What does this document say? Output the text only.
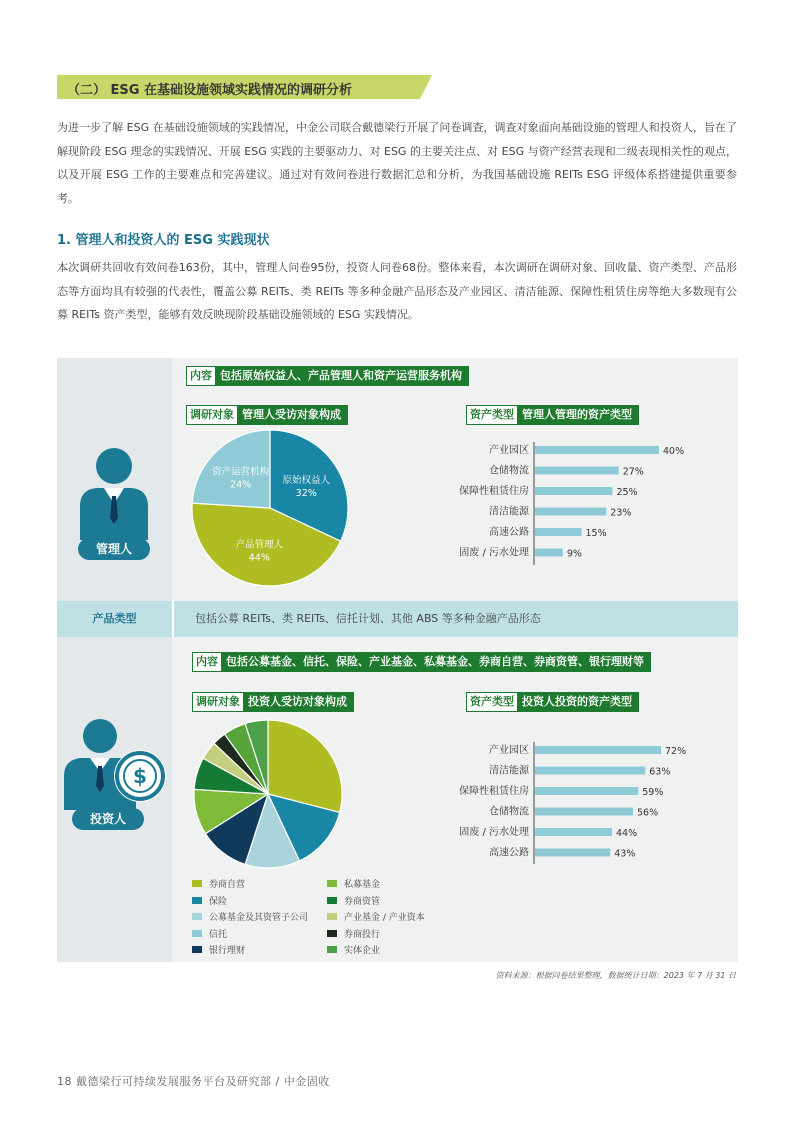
（二） ESG 在基础设施领域实践情况的调研分析

为进一步了解 ESG 在基础设施领域的实践情况，中金公司联合戴德梁行开展了问卷调查，调查对象面向基础设施的管理人和投资人，旨在了解现阶段 ESG 理念的实践情况、开展 ESG 实践的主要驱动力、对 ESG 的主要关注点、对 ESG 与资产经营表现和二级表现相关性的观点，以及开展 ESG 工作的主要难点和完善建议。通过对有效问卷进行数据汇总和分析，为我国基础设施 REITs ESG 评级体系搭建提供重要参考。

1. 管理人和投资人的 ESG 实践现状

本次调研共回收有效问卷163份，其中，管理人问卷95份，投资人问卷68份。整体来看，本次调研在调研对象、回收量、资产类型、产品形态等方面均具有较强的代表性，覆盖公募 REITs、类 REITs 等多种金融产品形态及产业园区、清洁能源、保障性租赁住房等绝大多数现有公募 REITs 资产类型，能够有效反映现阶段基础设施领域的 ESG 实践情况。

产品类型	包括公募 REITs、类 REITs、信托计划、其他 ABS 等多种金融产品形态
管理人
$
投资人
内容 包括原始权益人、产品管理人和资产运营服务机构
调研对象 管理人受访对象构成	资产类型 管理人管理的资产类型
内容 包括公募基金、信托、保险、产业基金、私募基金、券商自营、券商资管、银行理财等
调研对象 投资人受访对象构成	资产类型 投资人投资的资产类型
原始权益人
32%
产品管理人
44%
资产运营机构
24%
产业园区	40%
仓储物流	27%
保障性租赁住房	25%
清洁能源	23%
高速公路	15%
固废 / 污水处理	9%
产业园区	72%
清洁能源	63%
保障性租赁住房	59%
仓储物流	56%
固废 / 污水处理	44%
高速公路	43%
券商自营	私募基金
保险	券商资管
公募基金及其资管子公司	产业基金 / 产业资本
信托	券商投行
银行理财	实体企业
资料来源：根据问卷结果整理，数据统计日期：2023 年 7 月 31 日
18 戴德梁行可持续发展服务平台及研究部 / 中金固收
